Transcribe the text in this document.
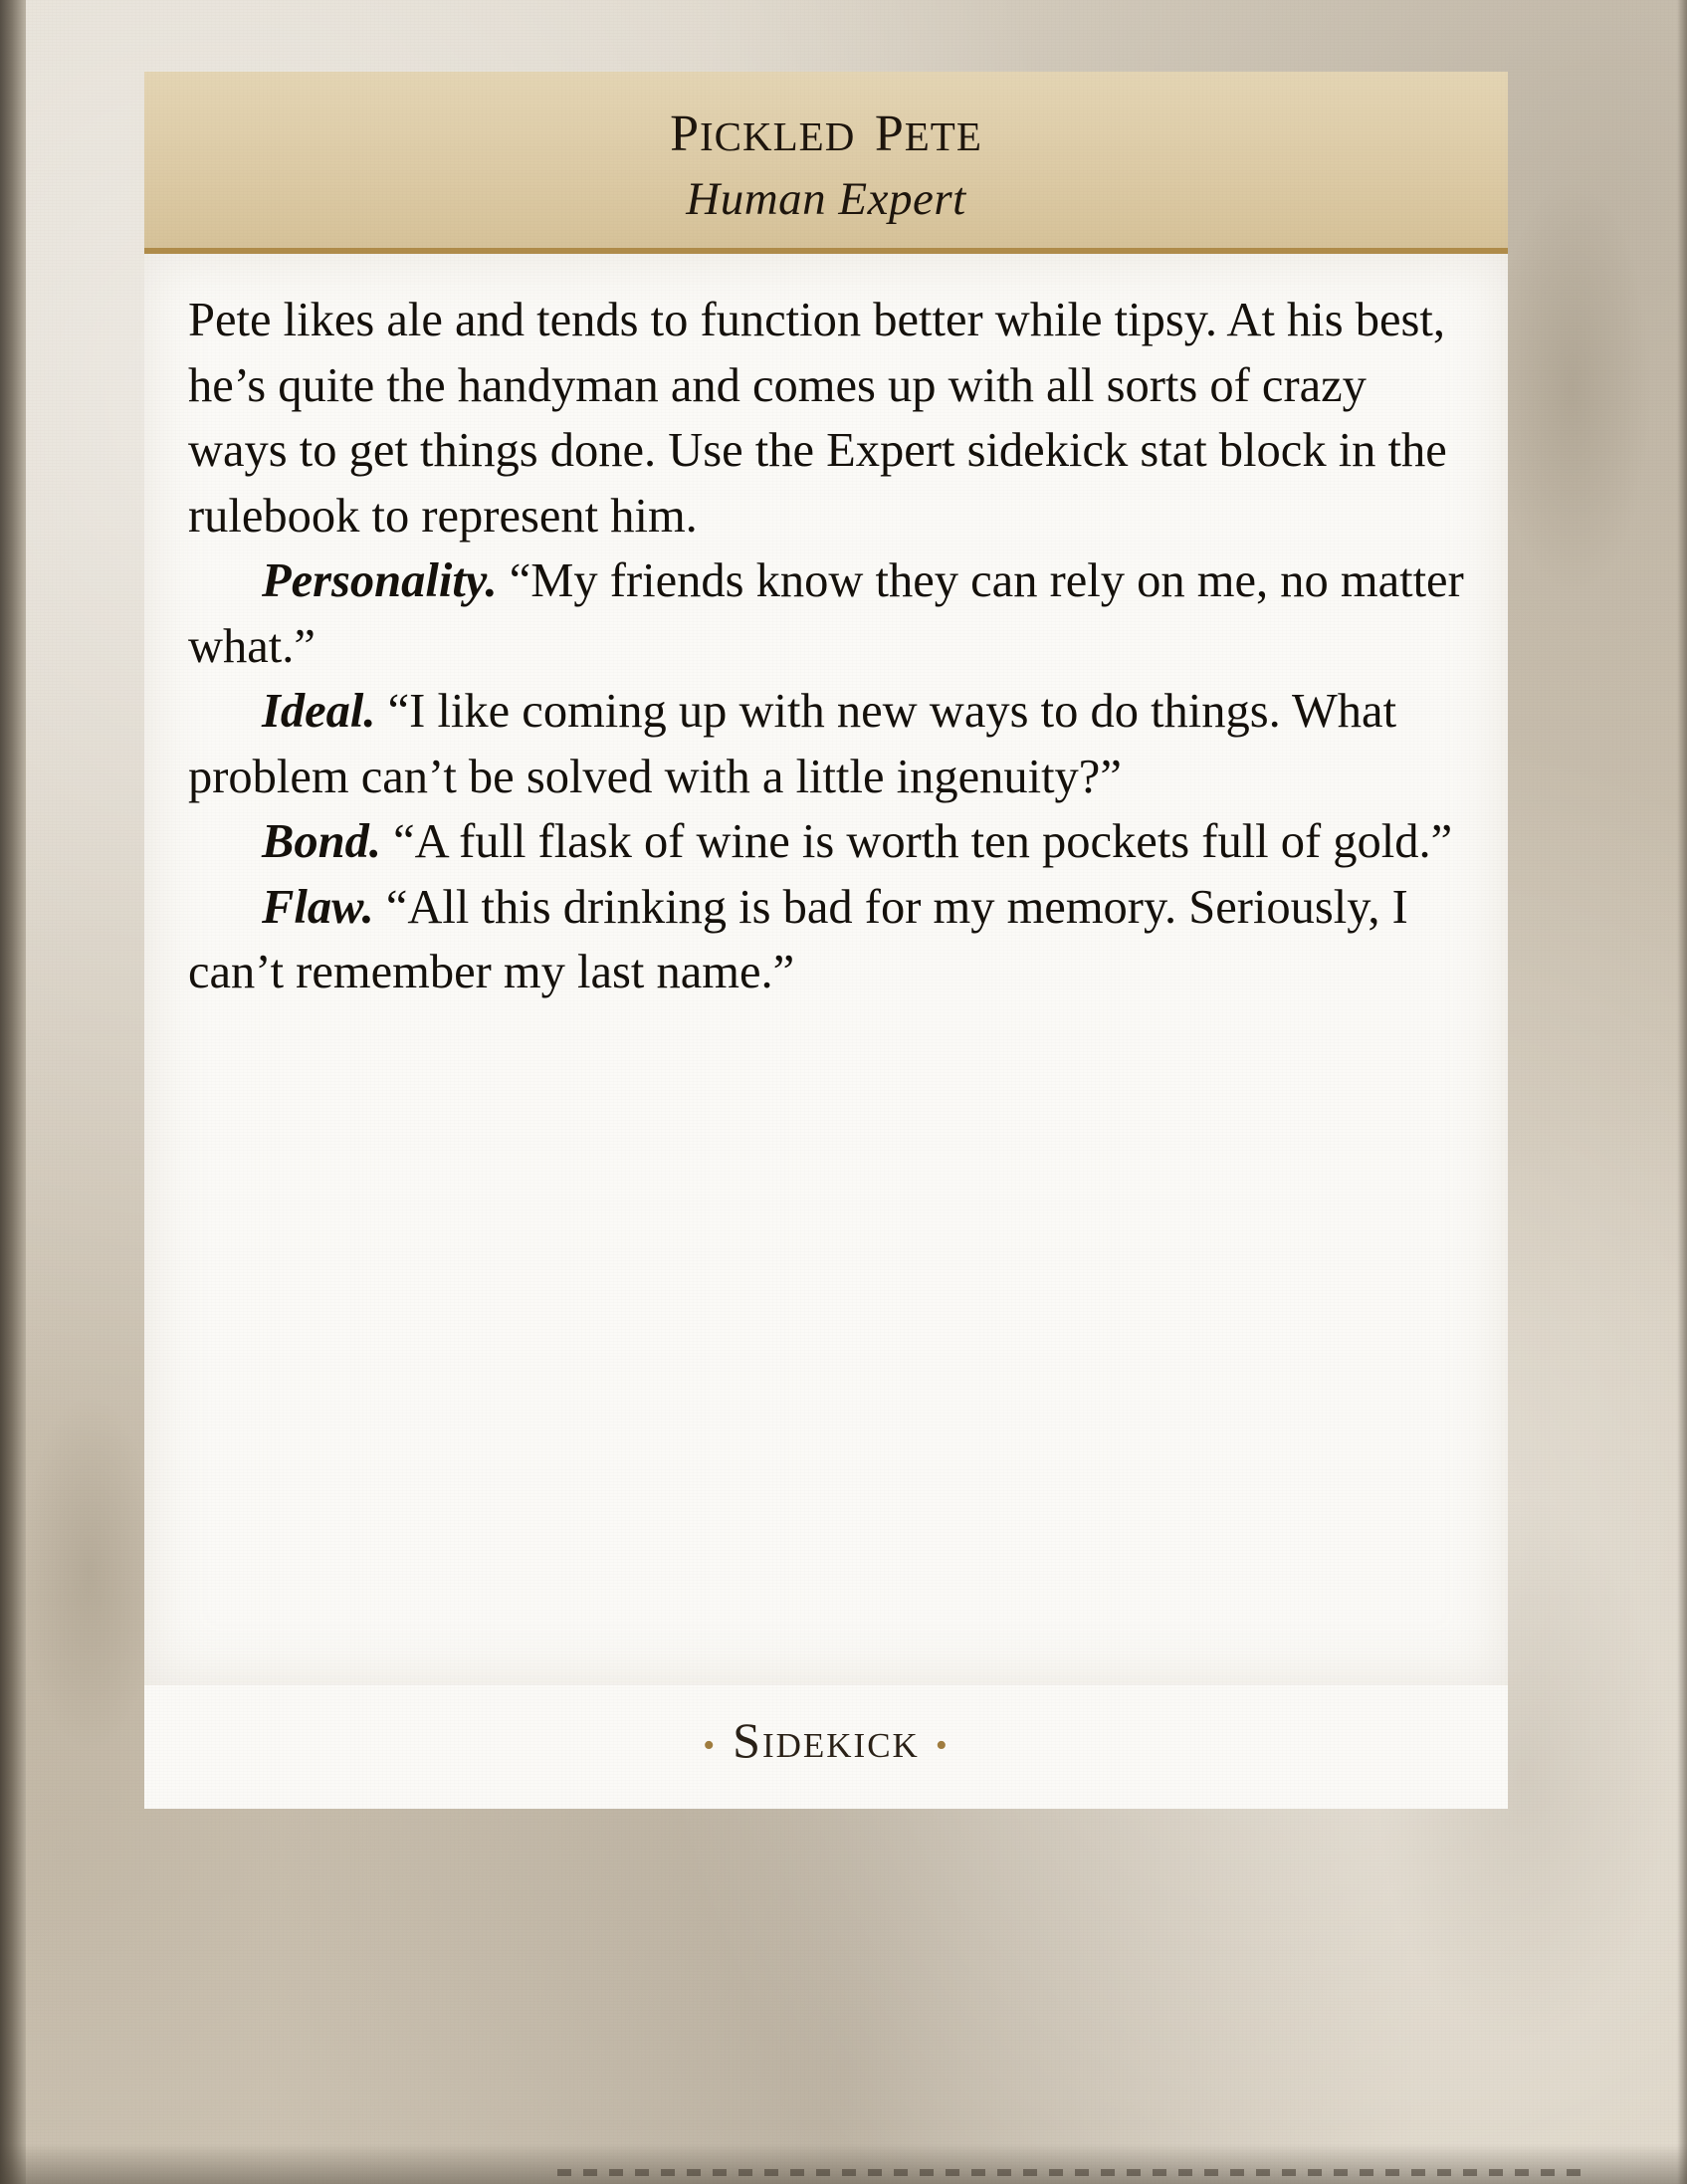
pickled pete
Human Expert

Pete likes ale and tends to function better while tipsy. At his best, he’s quite the handyman and comes up with all sorts of crazy ways to get things done. Use the Expert sidekick stat block in the rulebook to represent him.

Personality. “My friends know they can rely on me, no matter what.”

Ideal. “I like coming up with new ways to do things. What problem can’t be solved with a little ingenuity?”

Bond. “A full flask of wine is worth ten pockets full of gold.”

Flaw. “All this drinking is bad for my memory. Seriously, I can’t remember my last name.”

• Sidekick •
